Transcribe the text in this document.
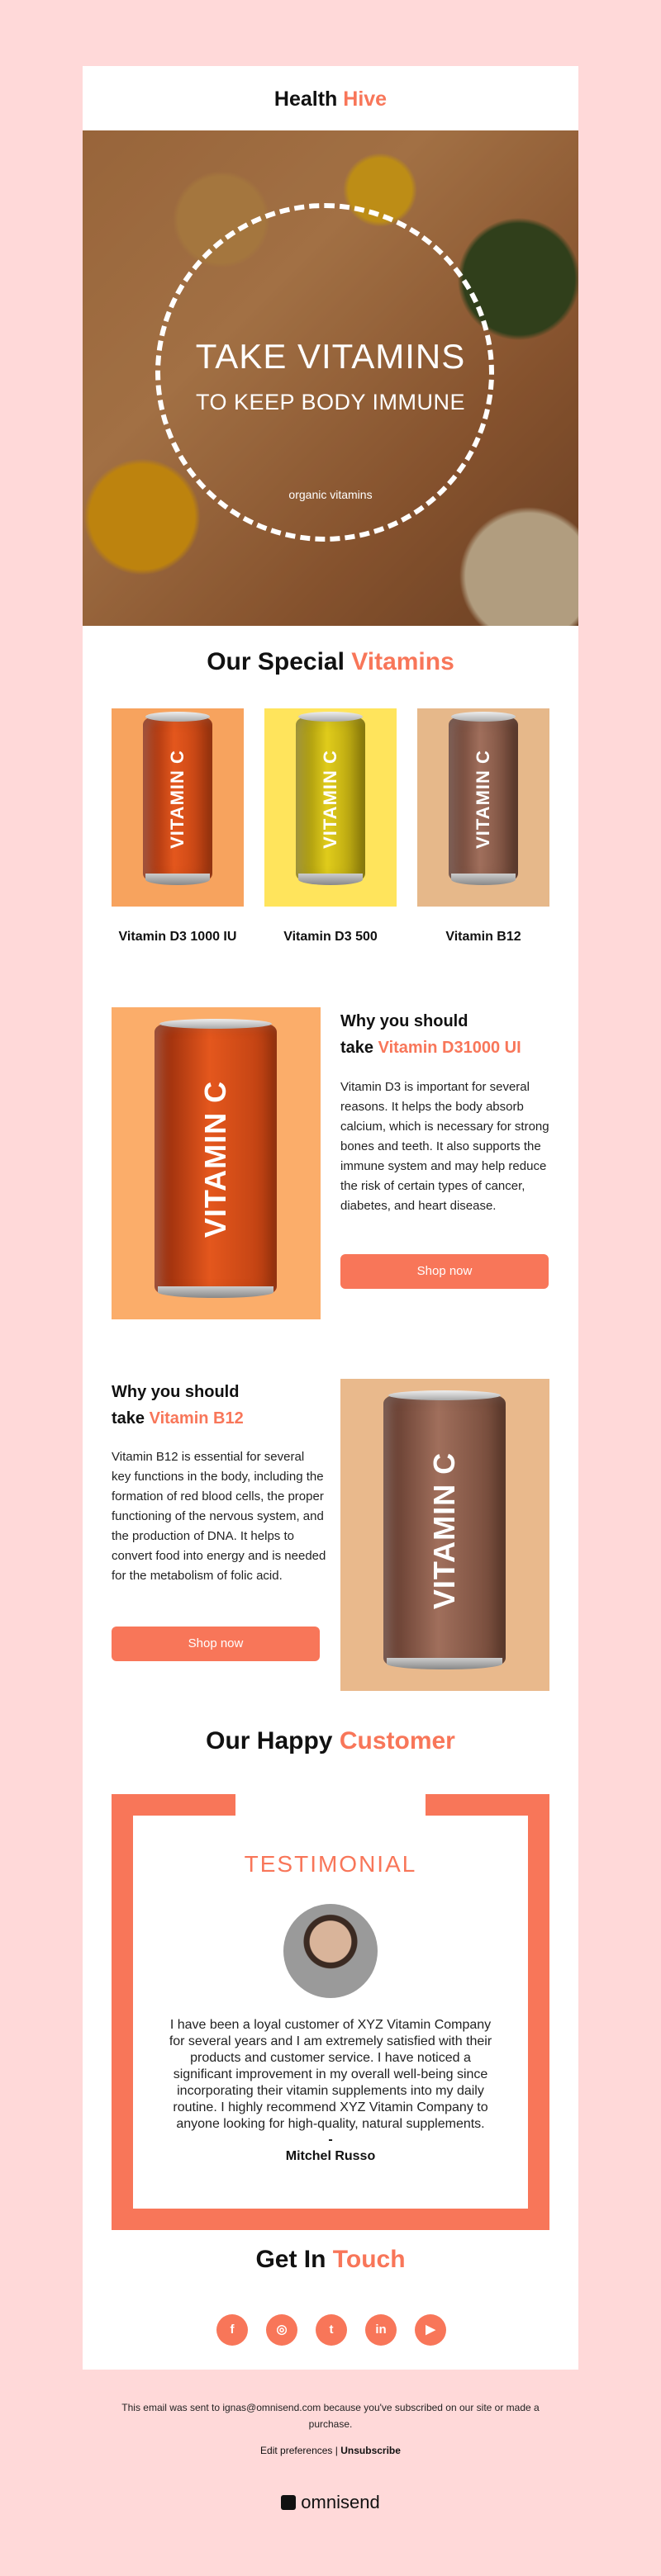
Health Hive
TAKE VITAMINS
TO KEEP BODY IMMUNE
organic vitamins
Our Special Vitamins
VITAMIN C
Vitamin D3 1000 IU
VITAMIN C
Vitamin D3 500
VITAMIN C
Vitamin B12
VITAMIN C
Why you should
take Vitamin D31000 UI
Vitamin D3 is important for several reasons. It helps the body absorb calcium, which is necessary for strong bones and teeth. It also supports the immune system and may help reduce the risk of certain types of cancer, diabetes, and heart disease.
Shop now
Why you should
take Vitamin B12
Vitamin B12 is essential for several key functions in the body, including the formation of red blood cells, the proper functioning of the nervous system, and the production of DNA. It helps to convert food into energy and is needed for the metabolism of folic acid.
Shop now
VITAMIN C
Our Happy Customer
TESTIMONIAL
I have been a loyal customer of XYZ Vitamin Company for several years and I am extremely satisfied with their products and customer service. I have noticed a significant improvement in my overall well-being since incorporating their vitamin supplements into my daily routine. I highly recommend XYZ Vitamin Company to anyone looking for high-quality, natural supplements.
-
Mitchel Russo
Get In Touch
f	◎	t	in	▶
This email was sent to ignas@omnisend.com because you've subscribed on our site or made a purchase.
Edit preferences | Unsubscribe
omnisend
